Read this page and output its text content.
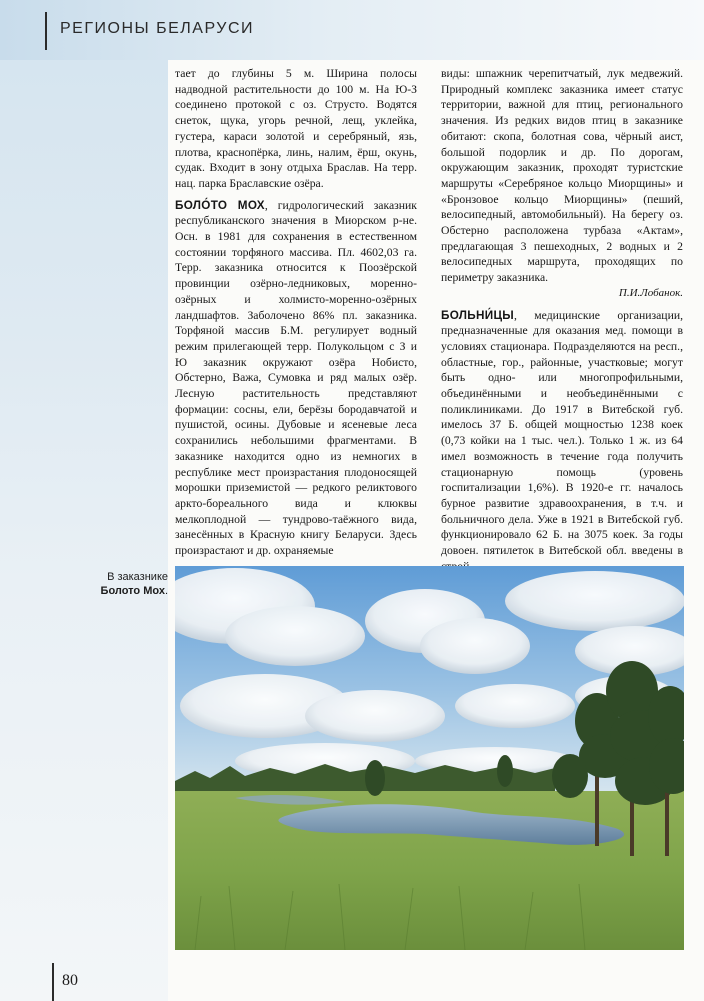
РЕГИОНЫ БЕЛАРУСИ

тает до глубины 5 м. Ширина полосы надводной растительности до 100 м. На Ю-З соединено протокой с оз. Струсто. Водятся снеток, щука, угорь речной, лещ, уклейка, густера, караси золотой и серебряный, язь, плотва, краснопёрка, линь, налим, ёрш, окунь, судак. Входит в зону отдыха Браслав. На терр. нац. парка Браславские озёра.

БОЛО́ТО МОХ, гидрологический заказник республиканского значения в Миорском р-не. Осн. в 1981 для сохранения в естественном состоянии торфяного массива. Пл. 4602,03 га. Терр. заказника относится к Поозёрской провинции озёрно-ледниковых, моренно-озёрных и холмисто-моренно-озёрных ландшафтов. Заболочено 86% пл. заказника. Торфяной массив Б.М. регулирует водный режим прилегающей терр. Полукольцом с З и Ю заказник окружают озёра Нобисто, Обстерно, Важа, Сумовка и ряд малых озёр. Лесную растительность представляют формации: сосны, ели, берёзы бородавчатой и пушистой, осины. Дубовые и ясеневые леса сохранились небольшими фрагментами. В заказнике находится одно из немногих в республике мест произрастания плодоносящей морошки приземистой — редкого реликтового аркто-бореального вида и клюквы мелкоплодной — тундрово-таёжного вида, занесённых в Красную книгу Беларуси. Здесь произрастают и др. охраняемые

виды: шпажник черепитчатый, лук медвежий. Природный комплекс заказника имеет статус территории, важной для птиц, регионального значения. Из редких видов птиц в заказнике обитают: скопа, болотная сова, чёрный аист, большой подорлик и др. По дорогам, окружающим заказник, проходят туристские маршруты «Серебряное кольцо Миорщины» и «Бронзовое кольцо Миорщины» (пеший, велосипедный, автомобильный). На берегу оз. Обстерно расположена турбаза «Актам», предлагающая 3 пешеходных, 2 водных и 2 велосипедных маршрута, проходящих по периметру заказника.
П.И.Лобанок.

БОЛЬНИ́ЦЫ, медицинские организации, предназначенные для оказания мед. помощи в условиях стационара. Подразделяются на респ., областные, гор., районные, участковые; могут быть одно- или многопрофильными, объединёнными и необъединёнными с поликлиниками. До 1917 в Витебской губ. имелось 37 Б. общей мощностью 1238 коек (0,73 койки на 1 тыс. чел.). Только 1 ж. из 64 имел возможность в течение года получить стационарную помощь (уровень госпитализации 1,6%). В 1920-е гг. началось бурное развитие здравоохранения, в т.ч. и больничного дела. Уже в 1921 в Витебской губ. функционировало 62 Б. на 3075 коек. За годы довоен. пятилеток в Витебской обл. введены в

В заказнике
Болото Мох.
80
